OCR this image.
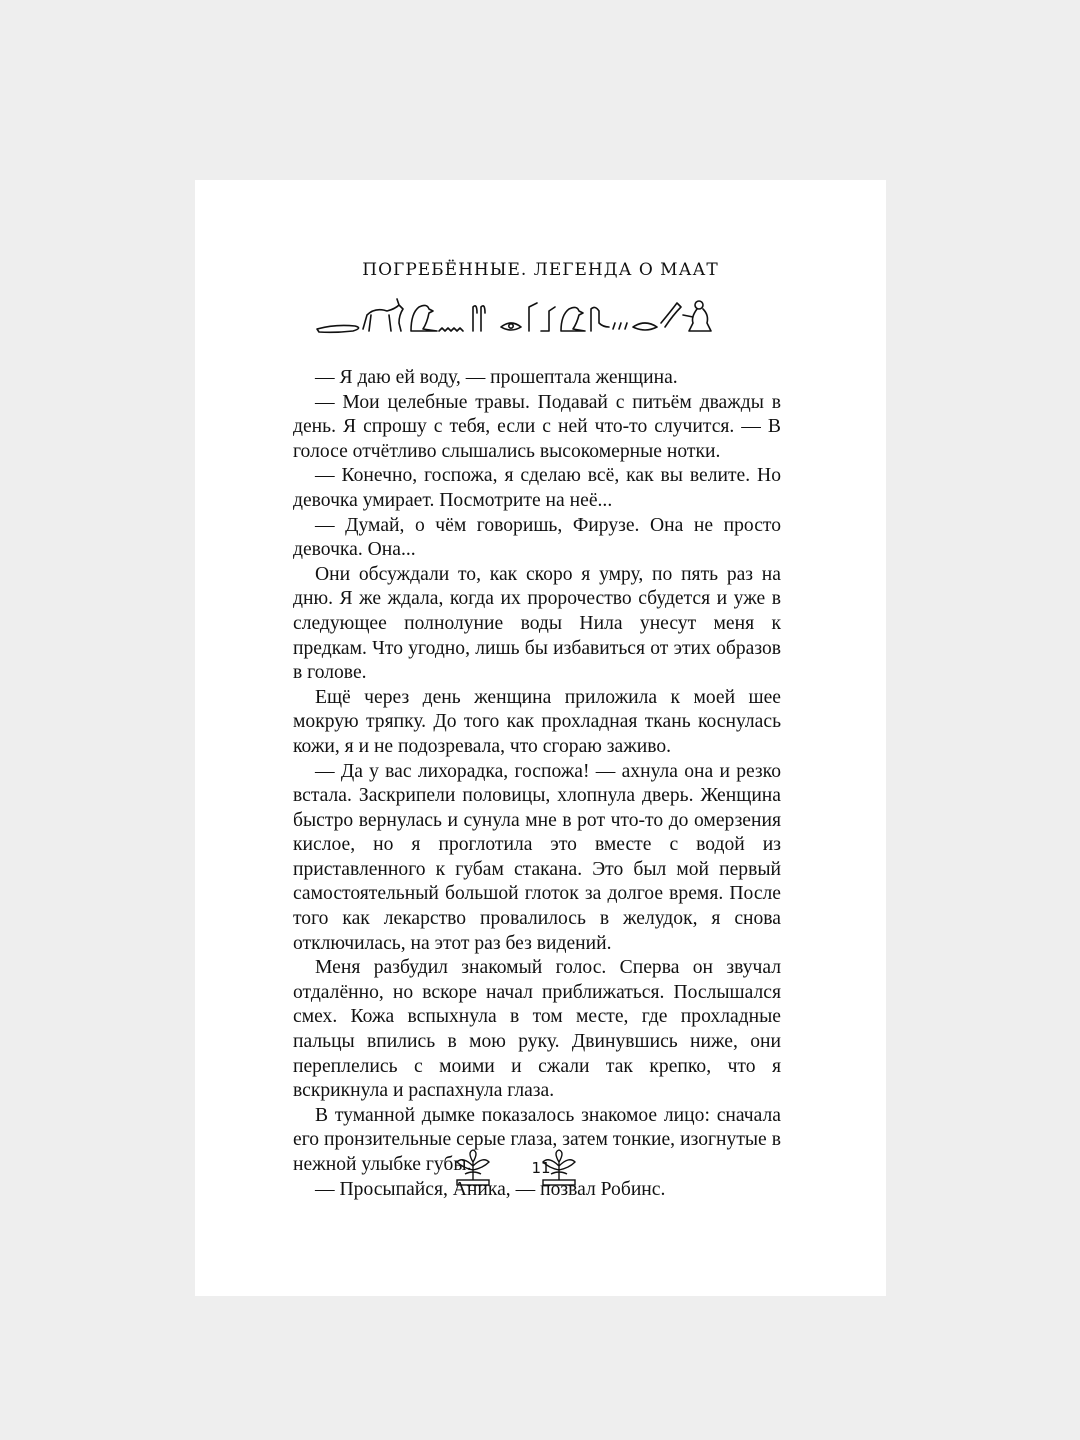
ПОГРЕБЁННЫЕ. ЛЕГЕНДА О МААТ

— Я даю ей воду, — прошептала женщина.

— Мои целебные травы. Подавай с питьём дважды в день. Я спрошу с тебя, если с ней что-то случится. — В голосе отчётливо слышались высокомерные нотки.

— Конечно, госпожа, я сделаю всё, как вы велите. Но девочка умирает. Посмотрите на неё...

— Думай, о чём говоришь, Фирузе. Она не просто девочка. Она...

Они обсуждали то, как скоро я умру, по пять раз на дню. Я же ждала, когда их пророчество сбудется и уже в следующее полнолуние воды Нила унесут меня к предкам. Что угодно, лишь бы избавиться от этих образов в голове.

Ещё через день женщина приложила к моей шее мокрую тряпку. До того как прохладная ткань коснулась кожи, я и не подозревала, что сгораю заживо.

— Да у вас лихорадка, госпожа! — ахнула она и резко встала. Заскрипели половицы, хлопнула дверь. Женщина быстро вернулась и сунула мне в рот что-то до омерзения кислое, но я проглотила это вместе с водой из приставленного к губам стакана. Это был мой первый самостоятельный большой глоток за долгое время. После того как лекарство провалилось в желудок, я снова отключилась, на этот раз без видений.

Меня разбудил знакомый голос. Сперва он звучал отдалённо, но вскоре начал приближаться. Послышался смех. Кожа вспыхнула в том месте, где прохладные пальцы впились в мою руку. Двинувшись ниже, они переплелись с моими и сжали так крепко, что я вскрикнула и распахнула глаза.

В туманной дымке показалось знакомое лицо: сначала его пронзительные серые глаза, затем тонкие, изогнутые в нежной улыбке губы.

— Просыпайся, Аника, — позвал Робинс.

11
